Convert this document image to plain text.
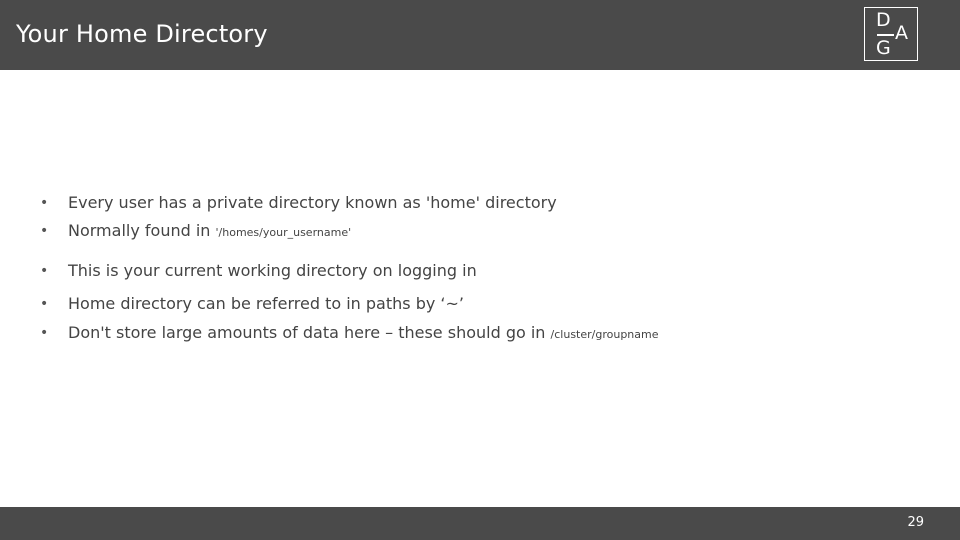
Your Home Directory	D
A
G
• Every user has a private directory known as 'home' directory
• Normally found in '/homes/your_username'
• This is your current working directory on logging in
• Home directory can be referred to in paths by ‘~’
• Don't store large amounts of data here – these should go in /cluster/groupname
29
